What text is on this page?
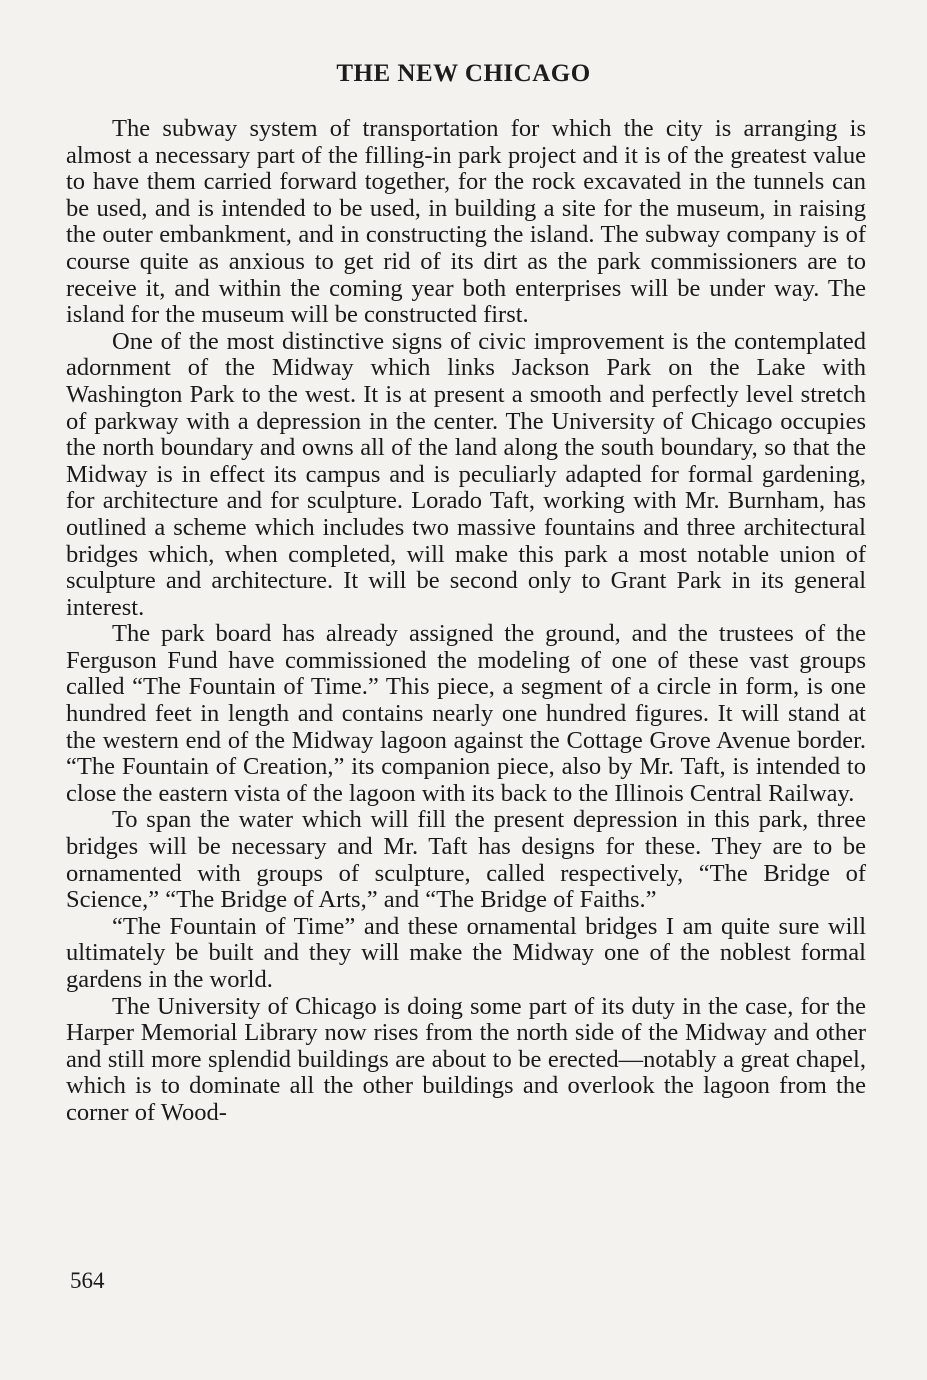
THE NEW CHICAGO

The subway system of transportation for which the city is arranging is almost a necessary part of the filling-in park project and it is of the greatest value to have them carried forward together, for the rock excavated in the tunnels can be used, and is intended to be used, in building a site for the museum, in raising the outer embankment, and in constructing the island. The subway company is of course quite as anxious to get rid of its dirt as the park commissioners are to receive it, and within the coming year both enterprises will be under way. The island for the museum will be constructed first.

One of the most distinctive signs of civic improvement is the contemplated adornment of the Midway which links Jackson Park on the Lake with Washington Park to the west. It is at present a smooth and perfectly level stretch of parkway with a depression in the center. The University of Chicago occupies the north boundary and owns all of the land along the south boundary, so that the Midway is in effect its campus and is peculiarly adapted for formal gardening, for architecture and for sculpture. Lorado Taft, working with Mr. Burnham, has outlined a scheme which includes two massive fountains and three architectural bridges which, when completed, will make this park a most notable union of sculpture and architecture. It will be second only to Grant Park in its general interest.

The park board has already assigned the ground, and the trustees of the Ferguson Fund have commissioned the modeling of one of these vast groups called “The Fountain of Time.” This piece, a segment of a circle in form, is one hundred feet in length and contains nearly one hundred figures. It will stand at the western end of the Midway lagoon against the Cottage Grove Avenue border. “The Fountain of Creation,” its companion piece, also by Mr. Taft, is intended to close the eastern vista of the lagoon with its back to the Illinois Central Railway.

To span the water which will fill the present depression in this park, three bridges will be necessary and Mr. Taft has designs for these. They are to be ornamented with groups of sculpture, called respectively, “The Bridge of Science,” “The Bridge of Arts,” and “The Bridge of Faiths.”

“The Fountain of Time” and these ornamental bridges I am quite sure will ultimately be built and they will make the Midway one of the noblest formal gardens in the world.

The University of Chicago is doing some part of its duty in the case, for the Harper Memorial Library now rises from the north side of the Midway and other and still more splendid buildings are about to be erected—notably a great chapel, which is to dominate all the other buildings and overlook the lagoon from the corner of Wood-

564
